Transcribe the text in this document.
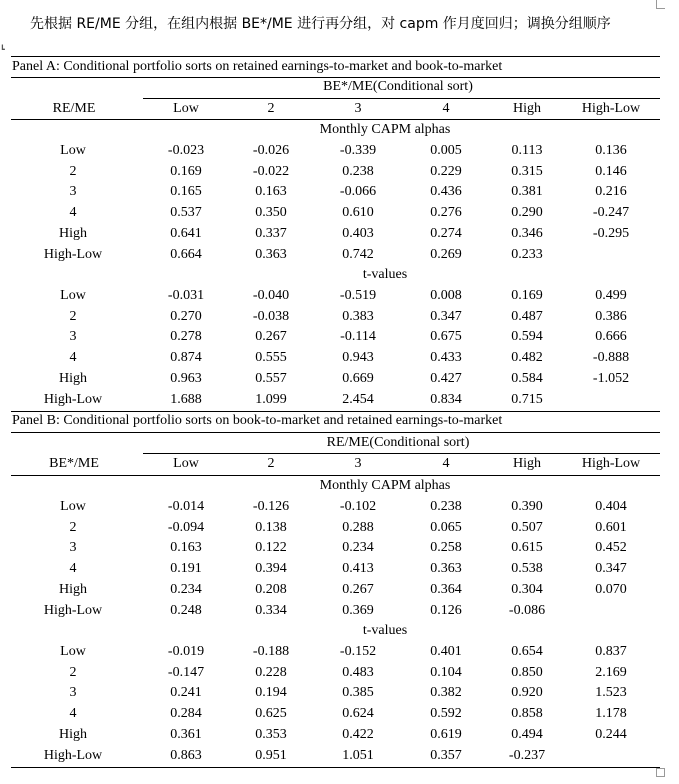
先根据 RE/ME 分组，在组内根据 BE*/ME 进行再分组，对 capm 作月度回归；调换分组顺序
┗
Panel A: Conditional portfolio sorts on retained earnings-to-market and book-to-market
BE*/ME(Conditional sort)
RE/ME	Low	2	3	4	High	High-Low
Monthly CAPM alphas
Low	-0.023	-0.026	-0.339	0.005	0.113	0.136
2	0.169	-0.022	0.238	0.229	0.315	0.146
3	0.165	0.163	-0.066	0.436	0.381	0.216
4	0.537	0.350	0.610	0.276	0.290	-0.247
High	0.641	0.337	0.403	0.274	0.346	-0.295
High-Low	0.664	0.363	0.742	0.269	0.233
t-values
Low	-0.031	-0.040	-0.519	0.008	0.169	0.499
2	0.270	-0.038	0.383	0.347	0.487	0.386
3	0.278	0.267	-0.114	0.675	0.594	0.666
4	0.874	0.555	0.943	0.433	0.482	-0.888
High	0.963	0.557	0.669	0.427	0.584	-1.052
High-Low	1.688	1.099	2.454	0.834	0.715
Panel B: Conditional portfolio sorts on book-to-market and retained earnings-to-market
RE/ME(Conditional sort)
BE*/ME	Low	2	3	4	High	High-Low
Monthly CAPM alphas
Low	-0.014	-0.126	-0.102	0.238	0.390	0.404
2	-0.094	0.138	0.288	0.065	0.507	0.601
3	0.163	0.122	0.234	0.258	0.615	0.452
4	0.191	0.394	0.413	0.363	0.538	0.347
High	0.234	0.208	0.267	0.364	0.304	0.070
High-Low	0.248	0.334	0.369	0.126	-0.086
t-values
Low	-0.019	-0.188	-0.152	0.401	0.654	0.837
2	-0.147	0.228	0.483	0.104	0.850	2.169
3	0.241	0.194	0.385	0.382	0.920	1.523
4	0.284	0.625	0.624	0.592	0.858	1.178
High	0.361	0.353	0.422	0.619	0.494	0.244
High-Low	0.863	0.951	1.051	0.357	-0.237
